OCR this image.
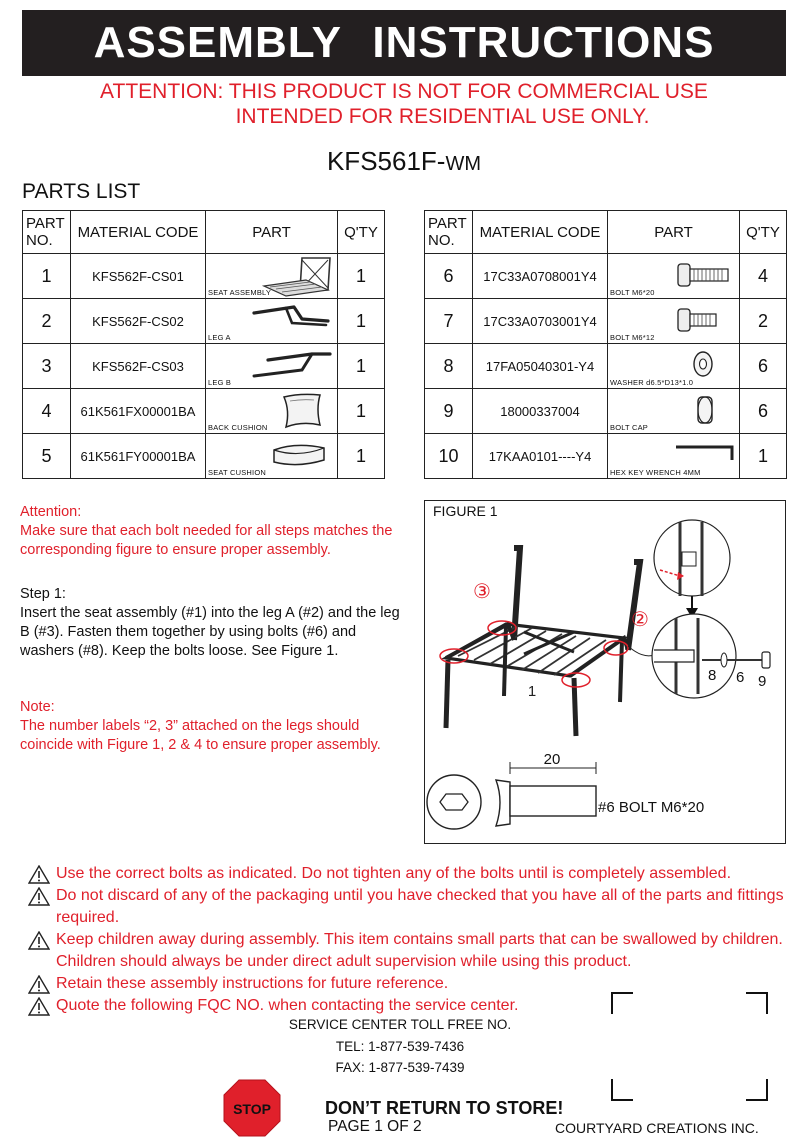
ASSEMBLY INSTRUCTIONS
ATTENTION: THIS PRODUCT IS NOT FOR COMMERCIAL USE
INTENDED FOR RESIDENTIAL USE ONLY.
KFS561F-WM
PARTS LIST
PART
NO.	MATERIAL CODE	PART	Q'TY
1	KFS562F-CS01	SEAT ASSEMBLY	1
2	KFS562F-CS02	LEG A	1
3	KFS562F-CS03	LEG B	1
4	61K561FX00001BA	BACK CUSHION	1
5	61K561FY00001BA	SEAT CUSHION	1
PART
NO.	MATERIAL CODE	PART	Q'TY
6	17C33A0708001Y4	BOLT M6*20	4
7	17C33A0703001Y4	BOLT M6*12	2
8	17FA05040301-Y4	WASHER d6.5*D13*1.0	6
9	18000337004	BOLT CAP	6
10	17KAA0101----Y4	HEX KEY WRENCH 4MM	1
Attention:
Make sure that each bolt needed for all steps matches the corresponding figure to ensure proper assembly.
Step 1:
Insert the seat assembly (#1) into the leg A (#2) and the leg B (#3). Fasten them together by using bolts (#6) and washers (#8). Keep the bolts loose. See Figure 1.
Note:
The number labels “2, 3” attached on the legs should coincide with Figure 1, 2 & 4 to ensure proper assembly.
FIGURE 1
③
②
1
8 6 9
20
#6 BOLT M6*20
Use the correct bolts as indicated. Do not tighten any of the bolts until is completely assembled.
Do not discard of any of the packaging until you have checked that you have all of the parts and fittings required.
Keep children away during assembly. This item contains small parts that can be swallowed by children. Children should always be under direct adult supervision while using this product.
Retain these assembly instructions for future reference.
Quote the following FQC NO. when contacting the service center.
SERVICE CENTER TOLL FREE NO.
TEL: 1-877-539-7436
FAX: 1-877-539-7439
STOP	DON’T RETURN TO STORE!
PAGE 1 OF 2	COURTYARD CREATIONS INC.
